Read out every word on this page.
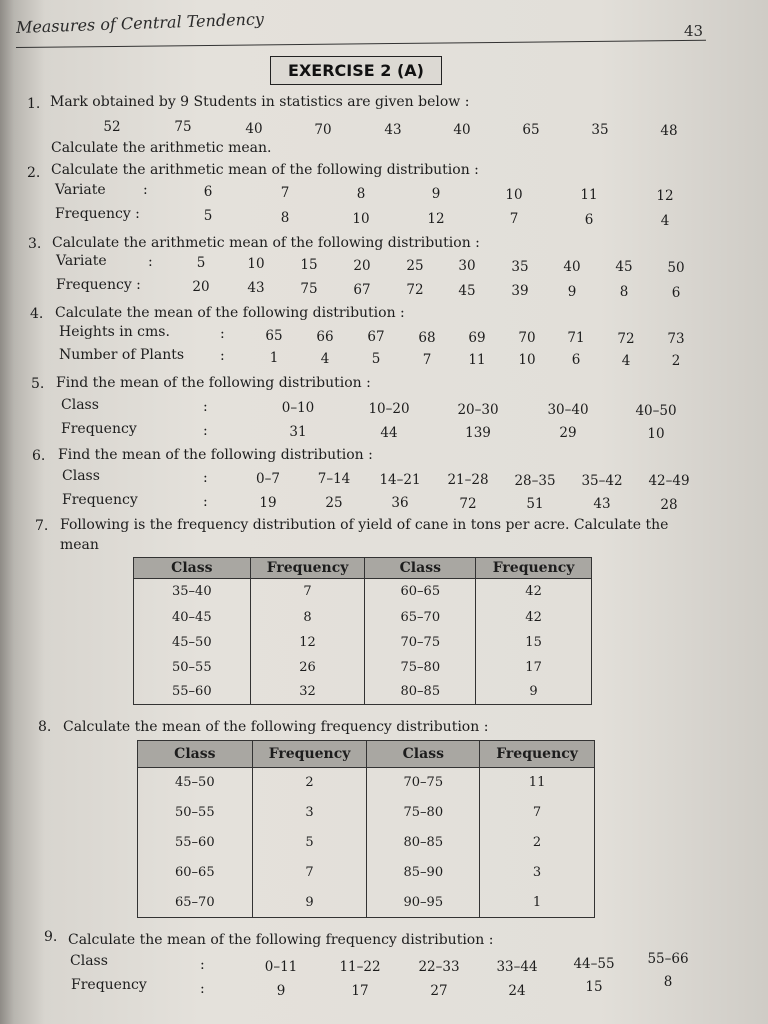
Measures of Central Tendency	43
EXERCISE 2 (A)
1. Mark obtained by 9 Students in statistics are given below :
52	75	40	70	43	40	65	35	48
Calculate the arithmetic mean.
2. Calculate the arithmetic mean of the following distribution :
Variate	:	6	7	8	9	10	11	12
Frequency :	5	8	10	12	7	6	4
3. Calculate the arithmetic mean of the following distribution :
Variate	:	5	10	15	20	25	30	35	40	45	50
Frequency :	20	43	75	67	72	45	39	9	8	6
4. Calculate the mean of the following distribution :
Heights in cms.	:	65	66	67	68 69 70 71 72 73
Number of Plants	:	1	4	5	7	11 10	6	4	2
5. Find the mean of the following distribution :
Class	:	0–10	10–20	20–30	30–40	40–50
Frequency	:	31	44	139	29	10
6. Find the mean of the following distribution :
Class	:	0–7	7–14 14–21 21–28 28–35 35–42 42–49
Frequency	:	19	25	36	72	51	43	28
7. Following is the frequency distribution of yield of cane in tons per acre. Calculate the
mean
Class	Frequency	Class	Frequency
35–40	7	60–65	42
40–45	8	65–70	42
45–50	12	70–75	15
50–55	26	75–80	17
55–60	32	80–85	9
8. Calculate the mean of the following frequency distribution :
Class	Frequency	Class	Frequency
45–50	2	70–75	11
50–55	3	75–80	7
55–60	5	80–85	2
60–65	7	85–90	3
65–70	9	90–95	1
9. Calculate the mean of the following frequency distribution :
Class	:	0–11	11–22	22–33	33–44	44–55 55–66
Frequency	:	9	17	27	24	15	8
